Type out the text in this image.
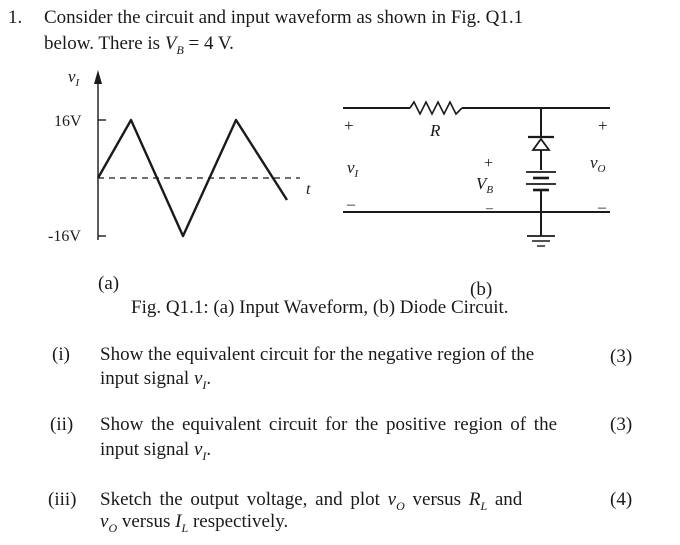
1. Consider the circuit and input waveform as shown in Fig. Q1.1
below. There is $V_B = 4$ V.
$v_I$
16V
-16V
t
+
$v_I$
–
R
+
$V_B$
–
+
$v_O$
–
(a)	(b)
Fig. Q1.1: (a) Input Waveform, (b) Diode Circuit.
(i) Show the equivalent circuit for the negative region of the
input signal $v_I$.
(3)
(ii) Show the equivalent circuit for the positive region of the
input signal $v_I$.
(3)
(iii) Sketch the output voltage, and plot $v_O$ versus $R_L$ and
$v_O$ versus $I_L$ respectively.
(4)
